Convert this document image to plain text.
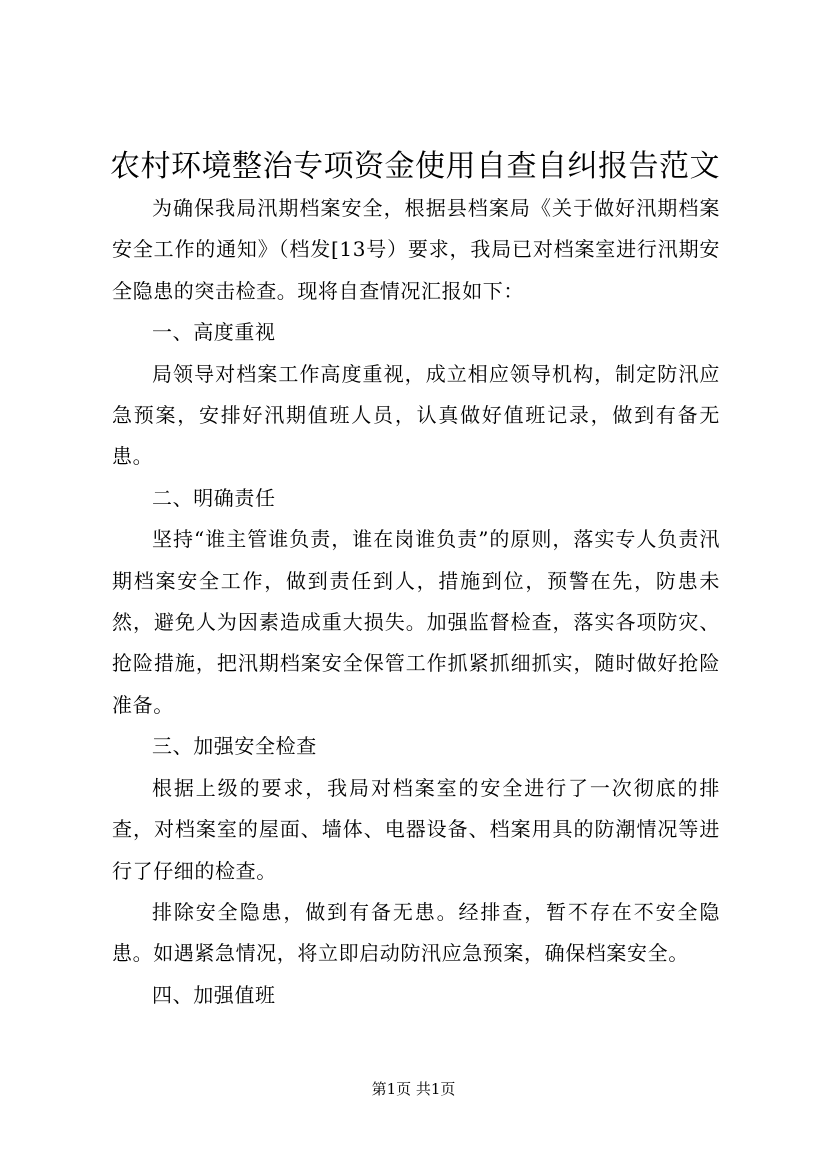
农村环境整治专项资金使用自查自纠报告范文

为确保我局汛期档案安全，根据县档案局《关于做好汛期档案安全工作的通知》（档发[13号）要求，我局已对档案室进行汛期安全隐患的突击检查。现将自查情况汇报如下：

一、高度重视

局领导对档案工作高度重视，成立相应领导机构，制定防汛应急预案，安排好汛期值班人员，认真做好值班记录，做到有备无患。

二、明确责任

坚持“谁主管谁负责，谁在岗谁负责”的原则，落实专人负责汛期档案安全工作，做到责任到人，措施到位，预警在先，防患未然，避免人为因素造成重大损失。加强监督检查，落实各项防灾、抢险措施，把汛期档案安全保管工作抓紧抓细抓实，随时做好抢险准备。

三、加强安全检查

根据上级的要求，我局对档案室的安全进行了一次彻底的排查，对档案室的屋面、墙体、电器设备、档案用具的防潮情况等进行了仔细的检查。

排除安全隐患，做到有备无患。经排查，暂不存在不安全隐患。如遇紧急情况，将立即启动防汛应急预案，确保档案安全。

四、加强值班

第1页 共1页
